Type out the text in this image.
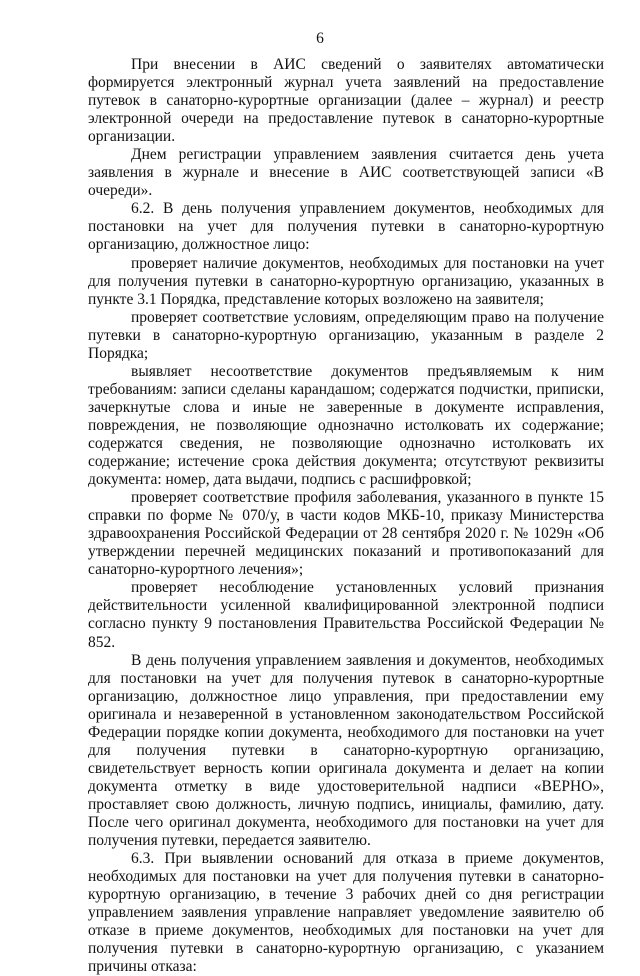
6

При внесении в АИС сведений о заявителях автоматически формируется электронный журнал учета заявлений на предоставление путевок в санаторно-курортные организации (далее – журнал) и реестр электронной очереди на предоставление путевок в санаторно-курортные организации.

Днем регистрации управлением заявления считается день учета заявления в журнале и внесение в АИС соответствующей записи «В очереди».

6.2. В день получения управлением документов, необходимых для постановки на учет для получения путевки в санаторно-курортную организацию, должностное лицо:

проверяет наличие документов, необходимых для постановки на учет для получения путевки в санаторно-курортную организацию, указанных в пункте 3.1 Порядка, представление которых возложено на заявителя;

проверяет соответствие условиям, определяющим право на получение путевки в санаторно-курортную организацию, указанным в разделе 2 Порядка;

выявляет несоответствие документов предъявляемым к ним требованиям: записи сделаны карандашом; содержатся подчистки, приписки, зачеркнутые слова и иные не заверенные в документе исправления, повреждения, не позволяющие однозначно истолковать их содержание; содержатся сведения, не позволяющие однозначно истолковать их содержание; истечение срока действия документа; отсутствуют реквизиты документа: номер, дата выдачи, подпись с расшифровкой;

проверяет соответствие профиля заболевания, указанного в пункте 15 справки по форме № 070/у, в части кодов МКБ-10, приказу Министерства здравоохранения Российской Федерации от 28 сентября 2020 г. № 1029н «Об утверждении перечней медицинских показаний и противопоказаний для санаторно-курортного лечения»;

проверяет несоблюдение установленных условий признания действительности усиленной квалифицированной электронной подписи согласно пункту 9 постановления Правительства Российской Федерации № 852.

В день получения управлением заявления и документов, необходимых для постановки на учет для получения путевок в санаторно-курортные организацию, должностное лицо управления, при предоставлении ему оригинала и незаверенной в установленном законодательством Российской Федерации порядке копии документа, необходимого для постановки на учет для получения путевки в санаторно-курортную организацию, свидетельствует верность копии оригинала документа и делает на копии документа отметку в виде удостоверительной надписи «ВЕРНО», проставляет свою должность, личную подпись, инициалы, фамилию, дату. После чего оригинал документа, необходимого для постановки на учет для получения путевки, передается заявителю.

6.3. При выявлении оснований для отказа в приеме документов, необходимых для постановки на учет для получения путевки в санаторно-курортную организацию, в течение 3 рабочих дней со дня регистрации управлением заявления управление направляет уведомление заявителю об отказе в приеме документов, необходимых для постановки на учет для получения путевки в санаторно-курортную организацию, с указанием причины отказа:
